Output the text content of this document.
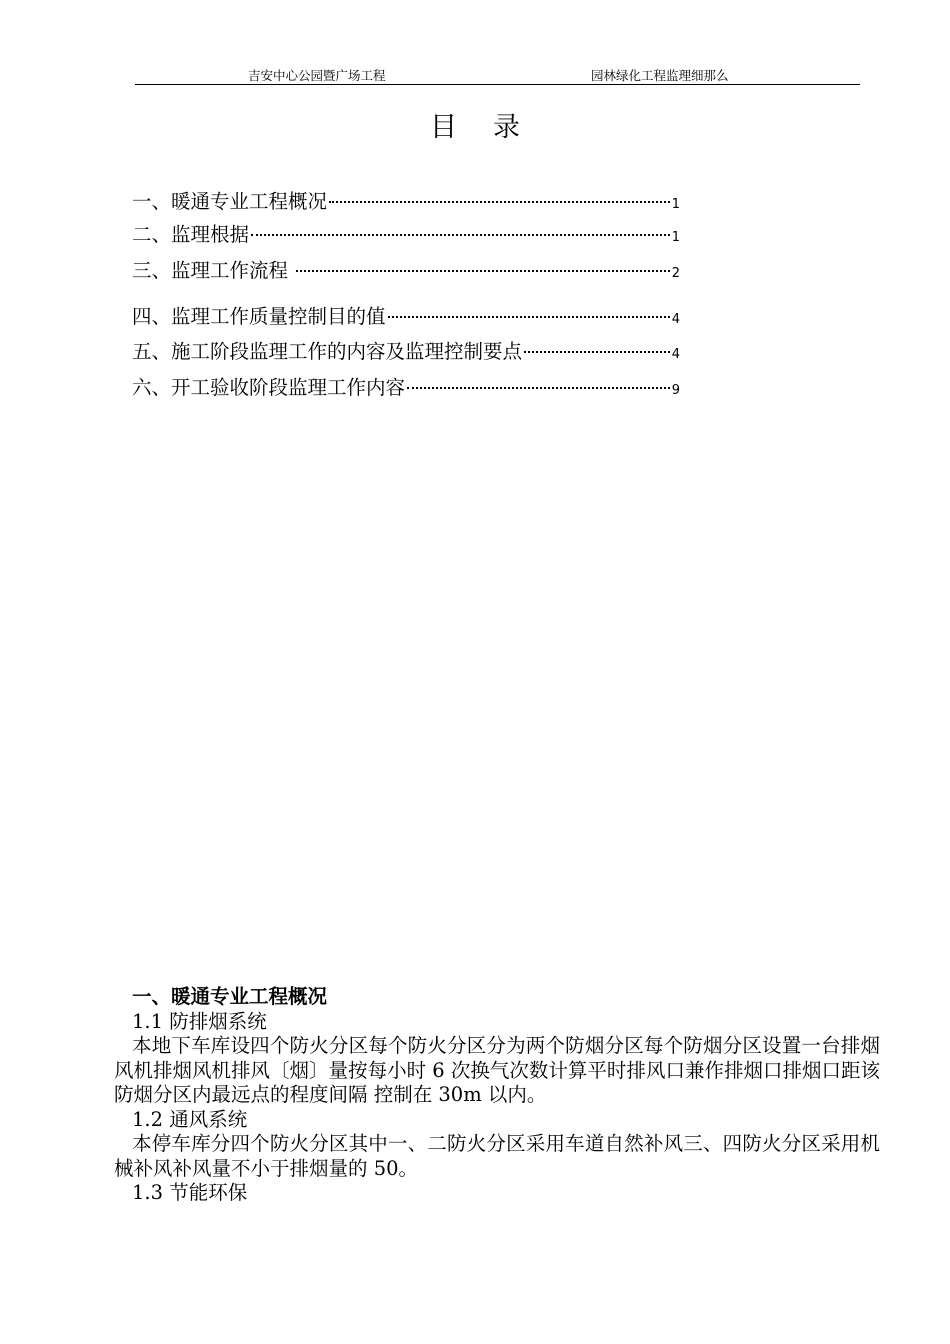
吉安中心公园暨广场工程	园林绿化工程监理细那么
目录
一、暖通专业工程概况	1
二、监理根据	1
三、监理工作流程	2
四、监理工作质量控制目的值	4
五、施工阶段监理工作的内容及监理控制要点	4
六、开工验收阶段监理工作内容	9
一、暖通专业工程概况
1.1 防排烟系统
本地下车库设四个防火分区每个防火分区分为两个防烟分区每个防烟分区设置一台排烟风机排烟风机排风〔烟〕量按每小时 6 次换气次数计算平时排风口兼作排烟口排烟口距该防烟分区内最远点的程度间隔 控制在 30m 以内。
1.2 通风系统
本停车库分四个防火分区其中一、二防火分区采用车道自然补风三、四防火分区采用机械补风补风量不小于排烟量的 50。
1.3 节能环保
